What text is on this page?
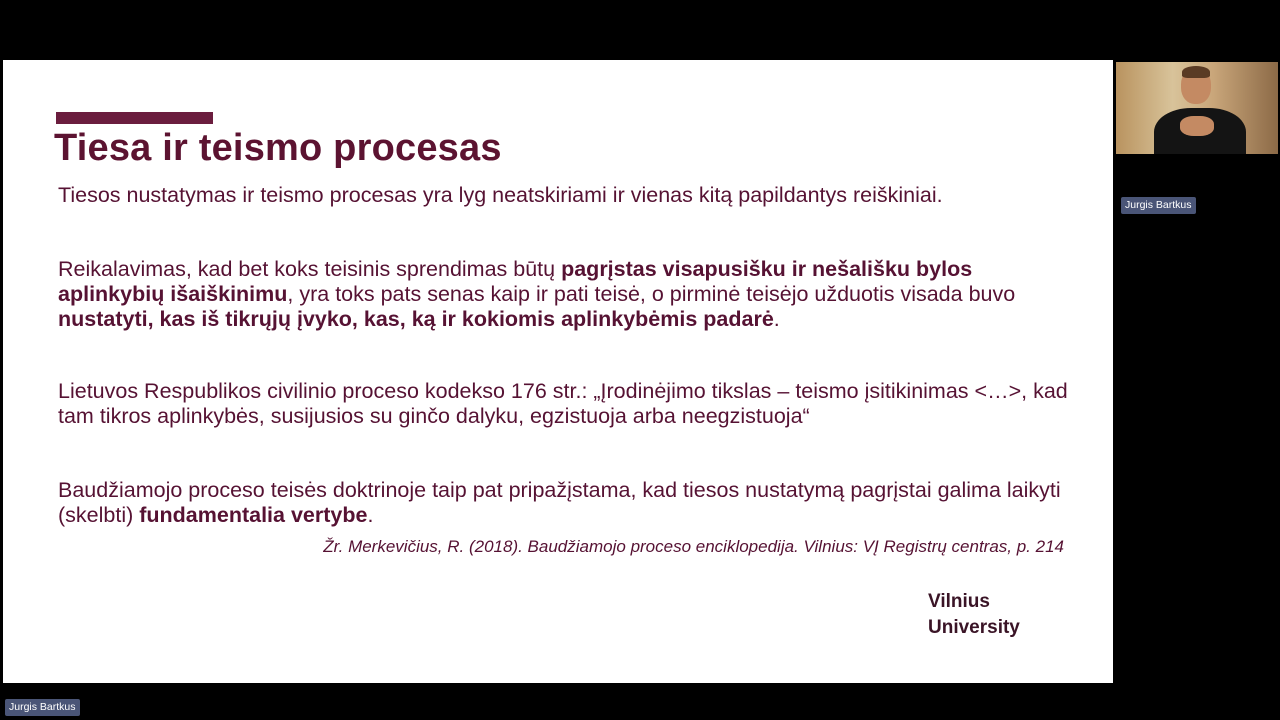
Tiesa ir teismo procesas

Tiesos nustatymas ir teismo procesas yra lyg neatskiriami ir vienas kitą papildantys reiškiniai.

Reikalavimas, kad bet koks teisinis sprendimas būtų pagrįstas visapusišku ir nešališku bylos aplinkybių išaiškinimu, yra toks pats senas kaip ir pati teisė, o pirminė teisėjo užduotis visada buvo nustatyti, kas iš tikrųjų įvyko, kas, ką ir kokiomis aplinkybėmis padarė.

Lietuvos Respublikos civilinio proceso kodekso 176 str.: „Įrodinėjimo tikslas – teismo įsitikinimas <…>, kad tam tikros aplinkybės, susijusios su ginčo dalyku, egzistuoja arba neegzistuoja“

Baudžiamojo proceso teisės doktrinoje taip pat pripažįstama, kad tiesos nustatymą pagrįstai galima laikyti (skelbti) fundamentalia vertybe.

Žr. Merkevičius, R. (2018). Baudžiamojo proceso enciklopedija. Vilnius: VĮ Registrų centras, p. 214

Vilnius
University
Jurgis Bartkus
Jurgis Bartkus
